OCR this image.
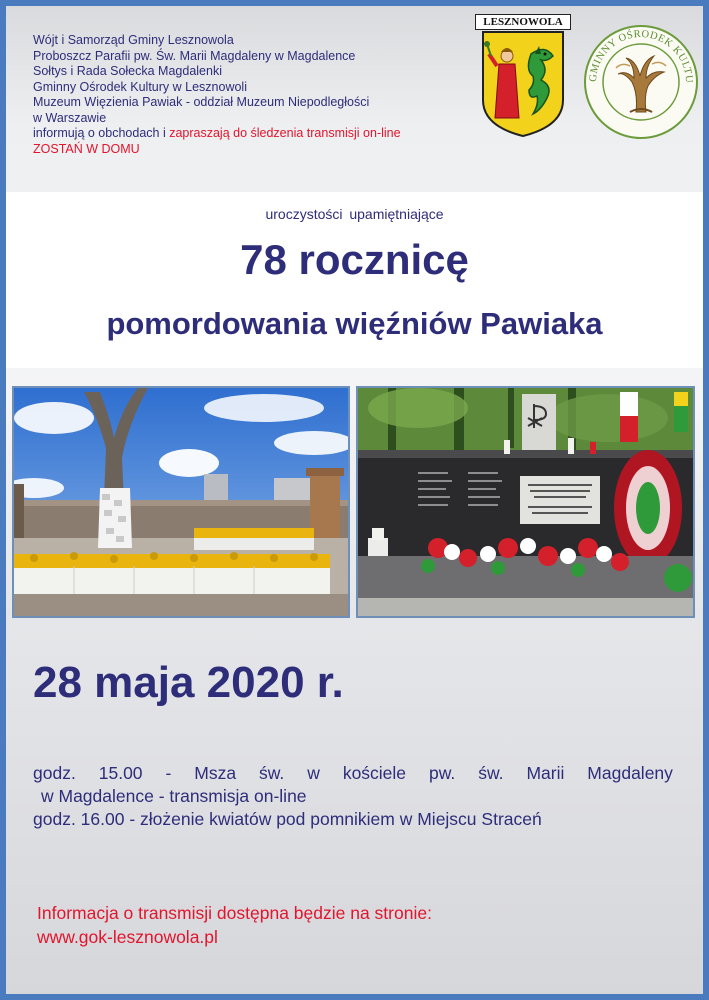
Wójt i Samorząd Gminy Lesznowola
Proboszcz Parafii pw. Św. Marii Magdaleny w Magdalence
Sołtys i Rada Sołecka Magdalenki
Gminny Ośrodek Kultury w Lesznowoli
Muzeum Więzienia Pawiak - oddział Muzeum Niepodległości
w Warszawie
informują o obchodach i zapraszają do śledzenia transmisji on-line
ZOSTAŃ W DOMU
LESZNOWOLA
GMINNY OŚRODEK KULTU
uroczystości upamiętniające
78 rocznicę
pomordowania więźniów Pawiaka
28 maja 2020 r.
godz. 15.00 - Msza św. w kościele pw. św. Marii Magdaleny
w Magdalence - transmisja on-line
godz. 16.00 - złożenie kwiatów pod pomnikiem w Miejscu Straceń
Informacja o transmisji dostępna będzie na stronie:
www.gok-lesznowola.pl
